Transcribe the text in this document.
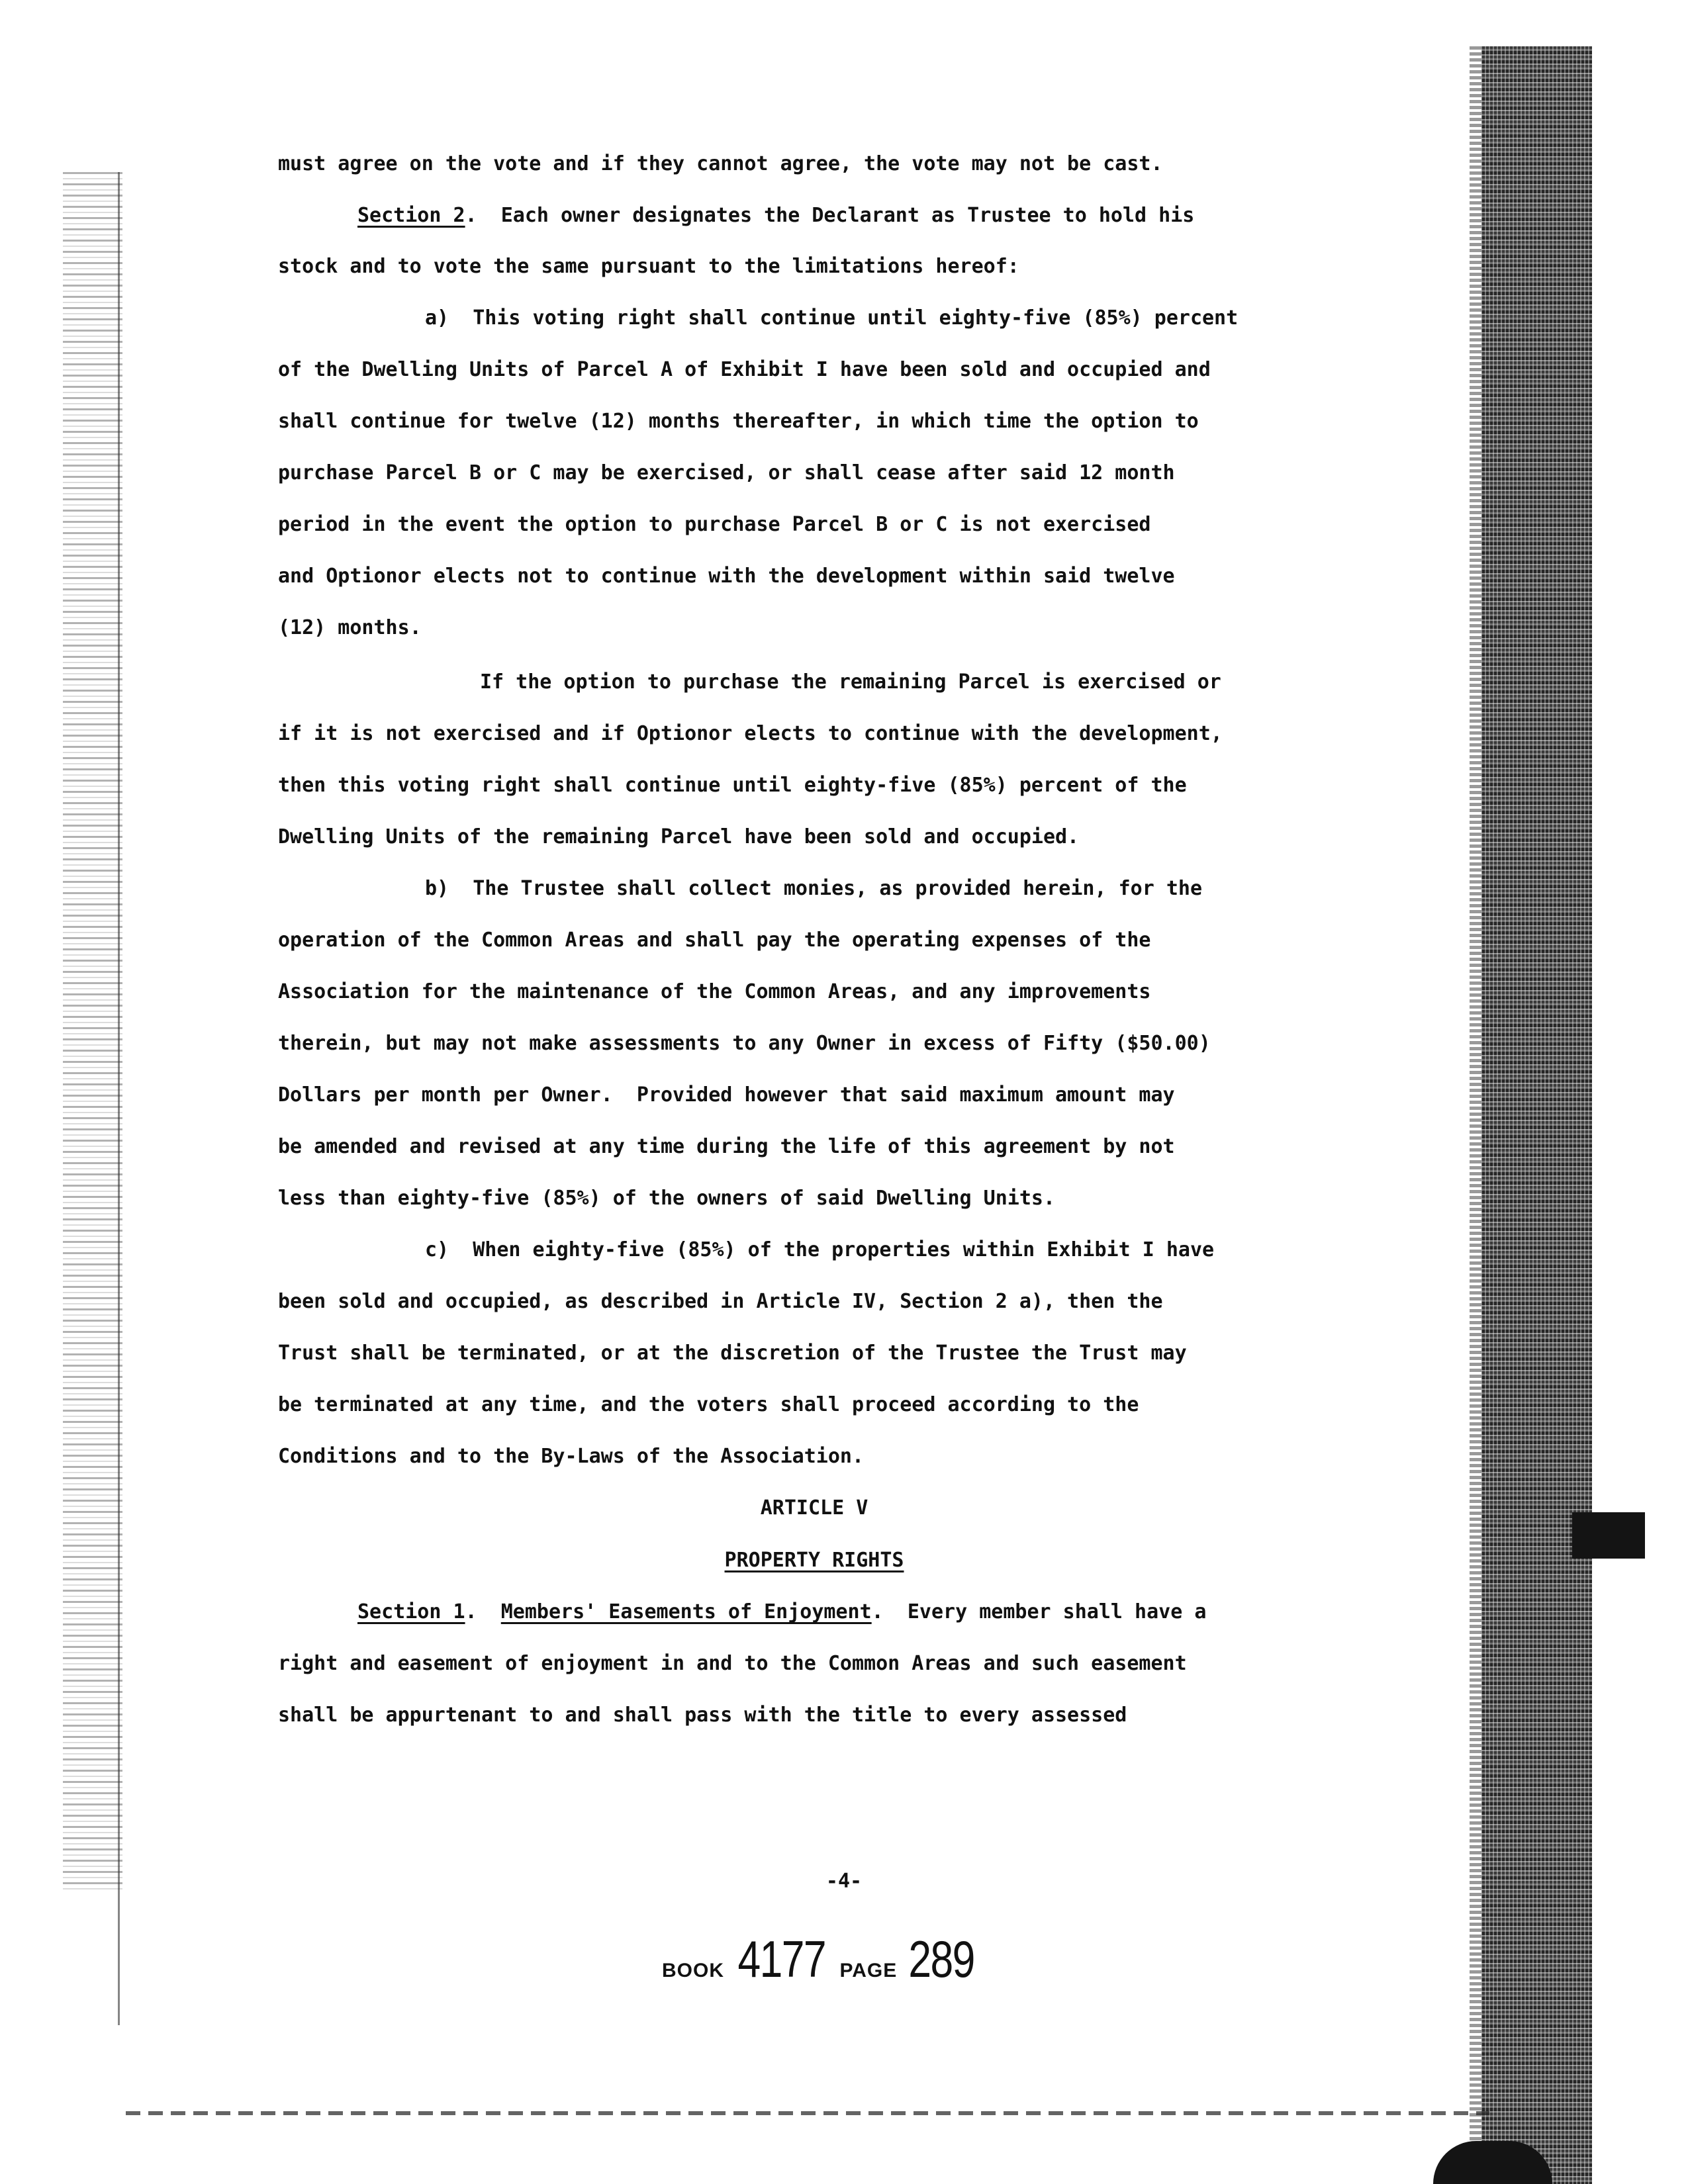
must agree on the vote and if they cannot agree, the vote may not be cast.
Section 2. Each owner designates the Declarant as Trustee to hold his
stock and to vote the same pursuant to the limitations hereof:
a)  This voting right shall continue until eighty-five (85%) percent
of the Dwelling Units of Parcel A of Exhibit I have been sold and occupied and
shall continue for twelve (12) months thereafter, in which time the option to
purchase Parcel B or C may be exercised, or shall cease after said 12 month
period in the event the option to purchase Parcel B or C is not exercised
and Optionor elects not to continue with the development within said twelve
(12) months.
If the option to purchase the remaining Parcel is exercised or
if it is not exercised and if Optionor elects to continue with the development,
then this voting right shall continue until eighty-five (85%) percent of the
Dwelling Units of the remaining Parcel have been sold and occupied.
b)  The Trustee shall collect monies, as provided herein, for the
operation of the Common Areas and shall pay the operating expenses of the
Association for the maintenance of the Common Areas, and any improvements
therein, but may not make assessments to any Owner in excess of Fifty ($50.00)
Dollars per month per Owner.  Provided however that said maximum amount may
be amended and revised at any time during the life of this agreement by not
less than eighty-five (85%) of the owners of said Dwelling Units.
c)  When eighty-five (85%) of the properties within Exhibit I have
been sold and occupied, as described in Article IV, Section 2 a), then the
Trust shall be terminated, or at the discretion of the Trustee the Trust may
be terminated at any time, and the voters shall proceed according to the
Conditions and to the By-Laws of the Association.
ARTICLE V
PROPERTY RIGHTS
Section 1. Members' Easements of Enjoyment. Every member shall have a
right and easement of enjoyment in and to the Common Areas and such easement
shall be appurtenant to and shall pass with the title to every assessed
-4-
BOOK 4177 PAGE 289
